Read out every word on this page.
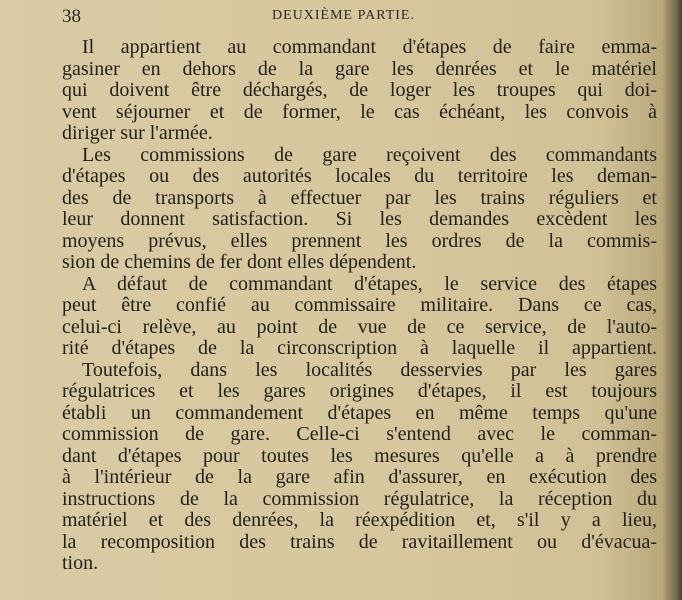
38	DEUXIÈME PARTIE.
Il appartient au commandant d'étapes de faire emma-
gasiner en dehors de la gare les denrées et le matériel
qui doivent être déchargés, de loger les troupes qui doi-
vent séjourner et de former, le cas échéant, les convois à
diriger sur l'armée.
Les commissions de gare reçoivent des commandants
d'étapes ou des autorités locales du territoire les deman-
des de transports à effectuer par les trains réguliers et
leur donnent satisfaction. Si les demandes excèdent les
moyens prévus, elles prennent les ordres de la commis-
sion de chemins de fer dont elles dépendent.
A défaut de commandant d'étapes, le service des étapes
peut être confié au commissaire militaire. Dans ce cas,
celui-ci relève, au point de vue de ce service, de l'auto-
rité d'étapes de la circonscription à laquelle il appartient.
Toutefois, dans les localités desservies par les gares
régulatrices et les gares origines d'étapes, il est toujours
établi un commandement d'étapes en même temps qu'une
commission de gare. Celle-ci s'entend avec le comman-
dant d'étapes pour toutes les mesures qu'elle a à prendre
à l'intérieur de la gare afin d'assurer, en exécution des
instructions de la commission régulatrice, la réception du
matériel et des denrées, la réexpédition et, s'il y a lieu,
la recomposition des trains de ravitaillement ou d'évacua-
tion.
